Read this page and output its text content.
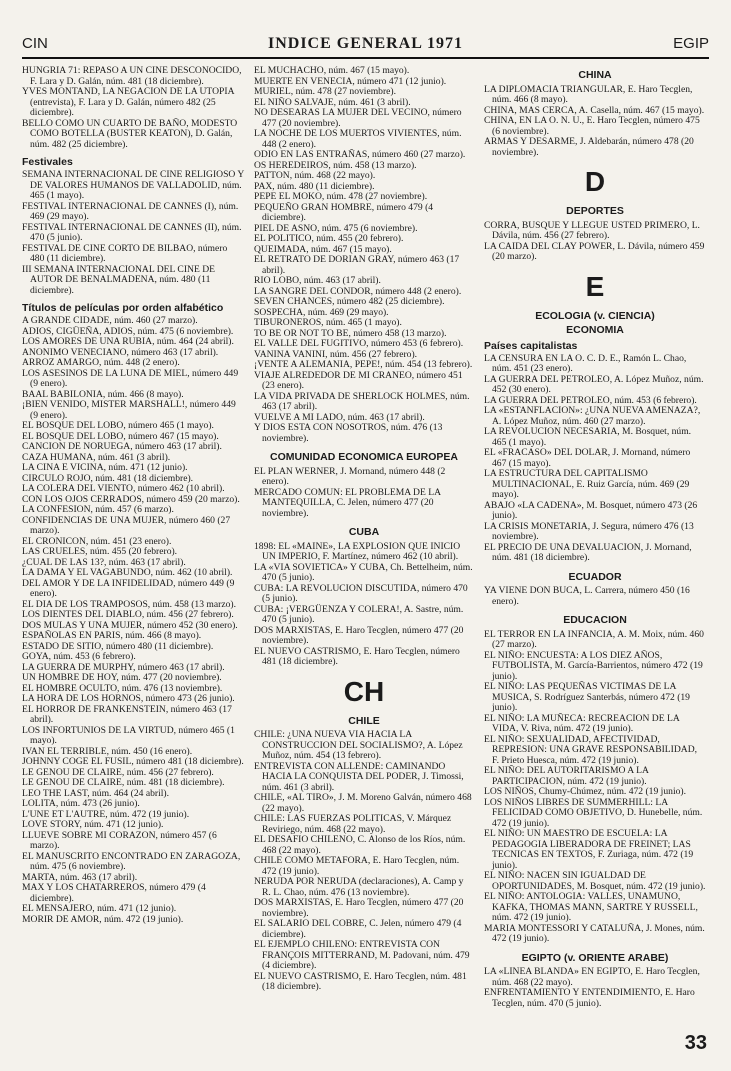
CIN	INDICE GENERAL 1971	EGIP

HUNGRIA 71: REPASO A UN CINE DESCONOCIDO, F. Lara y D. Galán, núm. 481 (18 diciembre).

YVES MONTAND, LA NEGACION DE LA UTOPIA (entrevista), F. Lara y D. Galán, número 482 (25 diciembre).

BELLO COMO UN CUARTO DE BAÑO, MODESTO COMO BOTELLA (BUSTER KEATON), D. Galán, núm. 482 (25 diciembre).

Festivales

SEMANA INTERNACIONAL DE CINE RELIGIOSO Y DE VALORES HUMANOS DE VALLADOLID, núm. 465 (1 mayo).

FESTIVAL INTERNACIONAL DE CANNES (I), núm. 469 (29 mayo).

FESTIVAL INTERNACIONAL DE CANNES (II), núm. 470 (5 junio).

FESTIVAL DE CINE CORTO DE BILBAO, número 480 (11 diciembre).

III SEMANA INTERNACIONAL DEL CINE DE AUTOR DE BENALMADENA, núm. 480 (11 diciembre).

Títulos de películas por orden alfabético

A GRANDE CIDADE, núm. 460 (27 marzo).

ADIOS, CIGÜEÑA, ADIOS, núm. 475 (6 noviembre).

LOS AMORES DE UNA RUBIA, núm. 464 (24 abril).

ANONIMO VENECIANO, número 463 (17 abril).

ARROZ AMARGO, núm. 448 (2 enero).

LOS ASESINOS DE LA LUNA DE MIEL, número 449 (9 enero).

BAAL BABILONIA, núm. 466 (8 mayo).

¡BIEN VENIDO, MISTER MARSHALL!, número 449 (9 enero).

EL BOSQUE DEL LOBO, número 465 (1 mayo).

EL BOSQUE DEL LOBO, número 467 (15 mayo).

CANCION DE NORUEGA, número 463 (17 abril).

CAZA HUMANA, núm. 461 (3 abril).

LA CINA E VICINA, núm. 471 (12 junio).

CIRCULO ROJO, núm. 481 (18 diciembre).

LA COLERA DEL VIENTO, número 462 (10 abril).

CON LOS OJOS CERRADOS, número 459 (20 marzo).

LA CONFESION, núm. 457 (6 marzo).

CONFIDENCIAS DE UNA MUJER, número 460 (27 marzo).

EL CRONICON, núm. 451 (23 enero).

LAS CRUELES, núm. 455 (20 febrero).

¿CUAL DE LAS 13?, núm. 463 (17 abril).

LA DAMA Y EL VAGABUNDO, núm. 462 (10 abril).

DEL AMOR Y DE LA INFIDELIDAD, número 449 (9 enero).

EL DIA DE LOS TRAMPOSOS, núm. 458 (13 marzo).

LOS DIENTES DEL DIABLO, núm. 456 (27 febrero).

DOS MULAS Y UNA MUJER, número 452 (30 enero).

ESPAÑOLAS EN PARIS, núm. 466 (8 mayo).

ESTADO DE SITIO, número 480 (11 diciembre).

GOYA, núm. 453 (6 febrero).

LA GUERRA DE MURPHY, número 463 (17 abril).

UN HOMBRE DE HOY, núm. 477 (20 noviembre).

EL HOMBRE OCULTO, núm. 476 (13 noviembre).

LA HORA DE LOS HORNOS, número 473 (26 junio).

EL HORROR DE FRANKENSTEIN, número 463 (17 abril).

LOS INFORTUNIOS DE LA VIRTUD, número 465 (1 mayo).

IVAN EL TERRIBLE, núm. 450 (16 enero).

JOHNNY COGE EL FUSIL, número 481 (18 diciembre).

LE GENOU DE CLAIRE, núm. 456 (27 febrero).

LE GENOU DE CLAIRE, núm. 481 (18 diciembre).

LEO THE LAST, núm. 464 (24 abril).

LOLITA, núm. 473 (26 junio).

L'UNE ET L'AUTRE, núm. 472 (19 junio).

LOVE STORY, núm. 471 (12 junio).

LLUEVE SOBRE MI CORAZON, número 457 (6 marzo).

EL MANUSCRITO ENCONTRADO EN ZARAGOZA, núm. 475 (6 noviembre).

MARTA, núm. 463 (17 abril).

MAX Y LOS CHATARREROS, número 479 (4 diciembre).

EL MENSAJERO, núm. 471 (12 junio).

MORIR DE AMOR, núm. 472 (19 junio).

EL MUCHACHO, núm. 467 (15 mayo).

MUERTE EN VENECIA, número 471 (12 junio).

MURIEL, núm. 478 (27 noviembre).

EL NIÑO SALVAJE, núm. 461 (3 abril).

NO DESEARAS LA MUJER DEL VECINO, número 477 (20 noviembre).

LA NOCHE DE LOS MUERTOS VIVIENTES, núm. 448 (2 enero).

ODIO EN LAS ENTRAÑAS, número 460 (27 marzo).

OS HEREDEIROS, núm. 458 (13 marzo).

PATTON, núm. 468 (22 mayo).

PAX, núm. 480 (11 diciembre).

PEPE EL MOKO, núm. 478 (27 noviembre).

PEQUEÑO GRAN HOMBRE, número 479 (4 diciembre).

PIEL DE ASNO, núm. 475 (6 noviembre).

EL POLITICO, núm. 455 (20 febrero).

QUEIMADA, núm. 467 (15 mayo).

EL RETRATO DE DORIAN GRAY, número 463 (17 abril).

RIO LOBO, núm. 463 (17 abril).

LA SANGRE DEL CONDOR, número 448 (2 enero).

SEVEN CHANCES, número 482 (25 diciembre).

SOSPECHA, núm. 469 (29 mayo).

TIBURONEROS, núm. 465 (1 mayo).

TO BE OR NOT TO BE, número 458 (13 marzo).

EL VALLE DEL FUGITIVO, número 453 (6 febrero).

VANINA VANINI, núm. 456 (27 febrero).

¡VENTE A ALEMANIA, PEPE!, núm. 454 (13 febrero).

VIAJE ALREDEDOR DE MI CRANEO, número 451 (23 enero).

LA VIDA PRIVADA DE SHERLOCK HOLMES, núm. 463 (17 abril).

VUELVE A MI LADO, núm. 463 (17 abril).

Y DIOS ESTA CON NOSOTROS, núm. 476 (13 noviembre).

COMUNIDAD ECONOMICA EUROPEA

EL PLAN WERNER, J. Mornand, número 448 (2 enero).

MERCADO COMUN: EL PROBLEMA DE LA MANTEQUILLA, C. Jelen, número 477 (20 noviembre).

CUBA

1898: EL «MAINE», LA EXPLOSION QUE INICIO UN IMPERIO, F. Martínez, número 462 (10 abril).

LA «VIA SOVIETICA» Y CUBA, Ch. Bettelheim, núm. 470 (5 junio).

CUBA: LA REVOLUCION DISCUTIDA, número 470 (5 junio).

CUBA: ¡VERGÜENZA Y COLERA!, A. Sastre, núm. 470 (5 junio).

DOS MARXISTAS, E. Haro Tecglen, número 477 (20 noviembre).

EL NUEVO CASTRISMO, E. Haro Tecglen, número 481 (18 diciembre).

CH
CHILE

CHILE: ¿UNA NUEVA VIA HACIA LA CONSTRUCCION DEL SOCIALISMO?, A. López Muñoz, núm. 454 (13 febrero).

ENTREVISTA CON ALLENDE: CAMINANDO HACIA LA CONQUISTA DEL PODER, J. Timossi, núm. 461 (3 abril).

CHILE, «AL TIRO», J. M. Moreno Galván, número 468 (22 mayo).

CHILE: LAS FUERZAS POLITICAS, V. Márquez Reviriego, núm. 468 (22 mayo).

EL DESAFIO CHILENO, C. Alonso de los Ríos, núm. 468 (22 mayo).

CHILE COMO METAFORA, E. Haro Tecglen, núm. 472 (19 junio).

NERUDA POR NERUDA (declaraciones), A. Camp y R. L. Chao, núm. 476 (13 noviembre).

DOS MARXISTAS, E. Haro Tecglen, número 477 (20 noviembre).

EL SALARIO DEL COBRE, C. Jelen, número 479 (4 diciembre).

EL EJEMPLO CHILENO: ENTREVISTA CON FRANÇOIS MITTERRAND, M. Padovani, núm. 479 (4 diciembre).

EL NUEVO CASTRISMO, E. Haro Tecglen, núm. 481 (18 diciembre).

CHINA

LA DIPLOMACIA TRIANGULAR, E. Haro Tecglen, núm. 466 (8 mayo).

CHINA, MAS CERCA, A. Casella, núm. 467 (15 mayo).

CHINA, EN LA O. N. U., E. Haro Tecglen, número 475 (6 noviembre).

ARMAS Y DESARME, J. Aldebarán, número 478 (20 noviembre).

D
DEPORTES

CORRA, BUSQUE Y LLEGUE USTED PRIMERO, L. Dávila, núm. 456 (27 febrero).

LA CAIDA DEL CLAY POWER, L. Dávila, número 459 (20 marzo).

E
ECOLOGIA (v. CIENCIA)
ECONOMIA
Países capitalistas

LA CENSURA EN LA O. C. D. E., Ramón L. Chao, núm. 451 (23 enero).

LA GUERRA DEL PETROLEO, A. López Muñoz, núm. 452 (30 enero).

LA GUERRA DEL PETROLEO, núm. 453 (6 febrero).

LA «ESTANFLACION»: ¿UNA NUEVA AMENAZA?, A. López Muñoz, núm. 460 (27 marzo).

LA REVOLUCION NECESARIA, M. Bosquet, núm. 465 (1 mayo).

EL «FRACASO» DEL DOLAR, J. Mornand, número 467 (15 mayo).

LA ESTRUCTURA DEL CAPITALISMO MULTINACIONAL, E. Ruiz García, núm. 469 (29 mayo).

ABAJO «LA CADENA», M. Bosquet, número 473 (26 junio).

LA CRISIS MONETARIA, J. Segura, número 476 (13 noviembre).

EL PRECIO DE UNA DEVALUACION, J. Mornand, núm. 481 (18 diciembre).

ECUADOR

YA VIENE DON BUCA, L. Carrera, número 450 (16 enero).

EDUCACION

EL TERROR EN LA INFANCIA, A. M. Moix, núm. 460 (27 marzo).

EL NIÑO: ENCUESTA: A LOS DIEZ AÑOS, FUTBOLISTA, M. García-Barrientos, número 472 (19 junio).

EL NIÑO: LAS PEQUEÑAS VICTIMAS DE LA MUSICA, S. Rodríguez Santerbás, número 472 (19 junio).

EL NIÑO: LA MUÑECA: RECREACION DE LA VIDA, V. Riva, núm. 472 (19 junio).

EL NIÑO: SEXUALIDAD, AFECTIVIDAD, REPRESION: UNA GRAVE RESPONSABILIDAD, F. Prieto Huesca, núm. 472 (19 junio).

EL NIÑO: DEL AUTORITARISMO A LA PARTICIPACION, núm. 472 (19 junio).

LOS NIÑOS, Chumy-Chúmez, núm. 472 (19 junio).

LOS NIÑOS LIBRES DE SUMMERHILL: LA FELICIDAD COMO OBJETIVO, D. Hunebelle, núm. 472 (19 junio).

EL NIÑO: UN MAESTRO DE ESCUELA: LA PEDAGOGIA LIBERADORA DE FREINET; LAS TECNICAS EN TEXTOS, F. Zuriaga, núm. 472 (19 junio).

EL NIÑO: NACEN SIN IGUALDAD DE OPORTUNIDADES, M. Bosquet, núm. 472 (19 junio).

EL NIÑO: ANTOLOGIA: VALLES, UNAMUNO, KAFKA, THOMAS MANN, SARTRE Y RUSSELL, núm. 472 (19 junio).

MARIA MONTESSORI Y CATALUÑA, J. Mones, núm. 472 (19 junio).

EGIPTO (v. ORIENTE ARABE)

LA «LINEA BLANDA» EN EGIPTO, E. Haro Tecglen, núm. 468 (22 mayo).

ENFRENTAMIENTO Y ENTENDIMIENTO, E. Haro Tecglen, núm. 470 (5 junio).

33
